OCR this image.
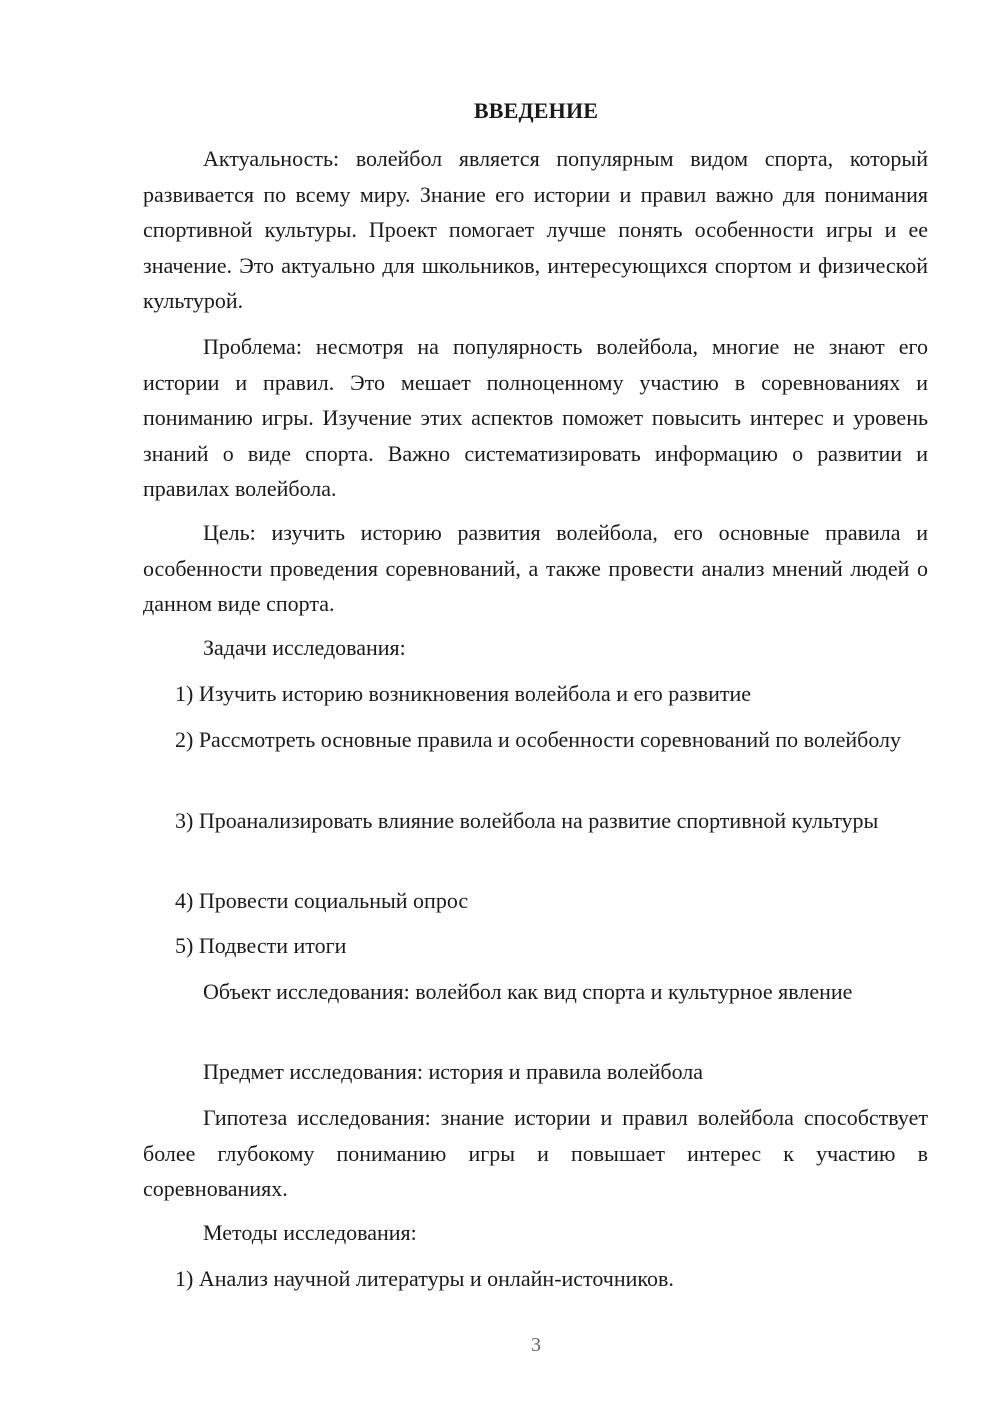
ВВЕДЕНИЕ

Актуальность: волейбол является популярным видом спорта, который развивается по всему миру. Знание его истории и правил важно для понимания спортивной культуры. Проект помогает лучше понять особенности игры и ее значение. Это актуально для школьников, интересующихся спортом и физической культурой.

Проблема: несмотря на популярность волейбола, многие не знают его истории и правил. Это мешает полноценному участию в соревнованиях и пониманию игры. Изучение этих аспектов поможет повысить интерес и уровень знаний о виде спорта. Важно систематизировать информацию о развитии и правилах волейбола.

Цель: изучить историю развития волейбола, его основные правила и особенности проведения соревнований, а также провести анализ мнений людей о данном виде спорта.

Задачи исследования:

1) Изучить историю возникновения волейбола и его развитие

2) Рассмотреть основные правила и особенности соревнований по волейболу

3) Проанализировать влияние волейбола на развитие спортивной культуры

4) Провести социальный опрос

5) Подвести итоги

Объект исследования: волейбол как вид спорта и культурное явление

Предмет исследования: история и правила волейбола

Гипотеза исследования: знание истории и правил волейбола способствует более глубокому пониманию игры и повышает интерес к участию в соревнованиях.

Методы исследования:

1) Анализ научной литературы и онлайн-источников.

3
